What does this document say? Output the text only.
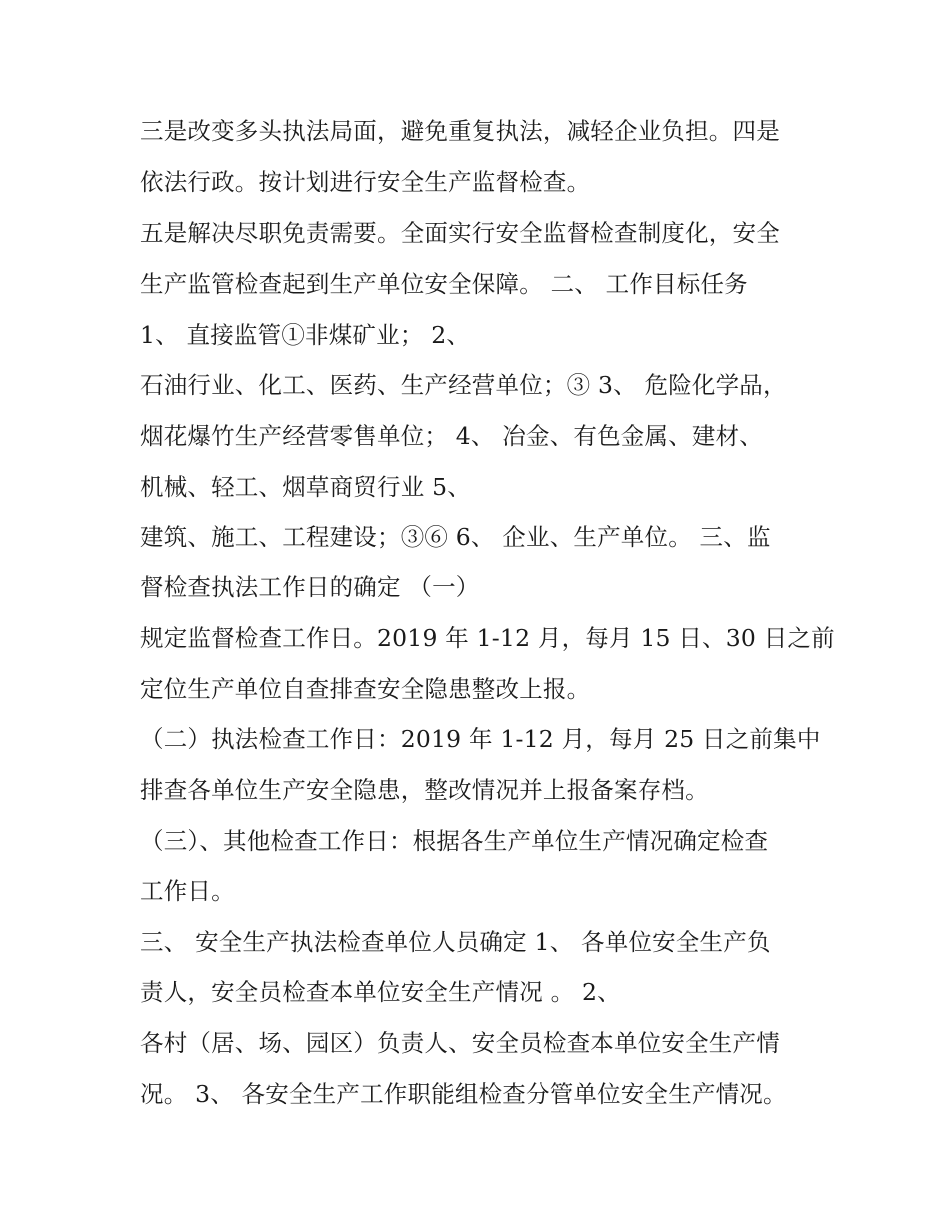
三是改变多头执法局面，避免重复执法，减轻企业负担。四是
依法行政。按计划进行安全生产监督检查。
五是解决尽职免责需要。全面实行安全监督检查制度化，安全
生产监管检查起到生产单位安全保障。 二、 工作目标任务
1、 直接监管①非煤矿业； 2、
石油行业、化工、医药、生产经营单位；③ 3、 危险化学品，
烟花爆竹生产经营零售单位； 4、 冶金、有色金属、建材、
机械、轻工、烟草商贸行业 5、
建筑、施工、工程建设；③⑥ 6、 企业、生产单位。 三、监
督检查执法工作日的确定 （一）
规定监督检查工作日。2019 年 1-12 月，每月 15 日、30 日之前
定位生产单位自查排查安全隐患整改上报。
（二）执法检查工作日：2019 年 1-12 月，每月 25 日之前集中
排查各单位生产安全隐患，整改情况并上报备案存档。
（三）、其他检查工作日：根据各生产单位生产情况确定检查
工作日。
三、 安全生产执法检查单位人员确定 1、 各单位安全生产负
责人，安全员检查本单位安全生产情况 。 2、
各村（居、场、园区）负责人、安全员检查本单位安全生产情
况。 3、 各安全生产工作职能组检查分管单位安全生产情况。
